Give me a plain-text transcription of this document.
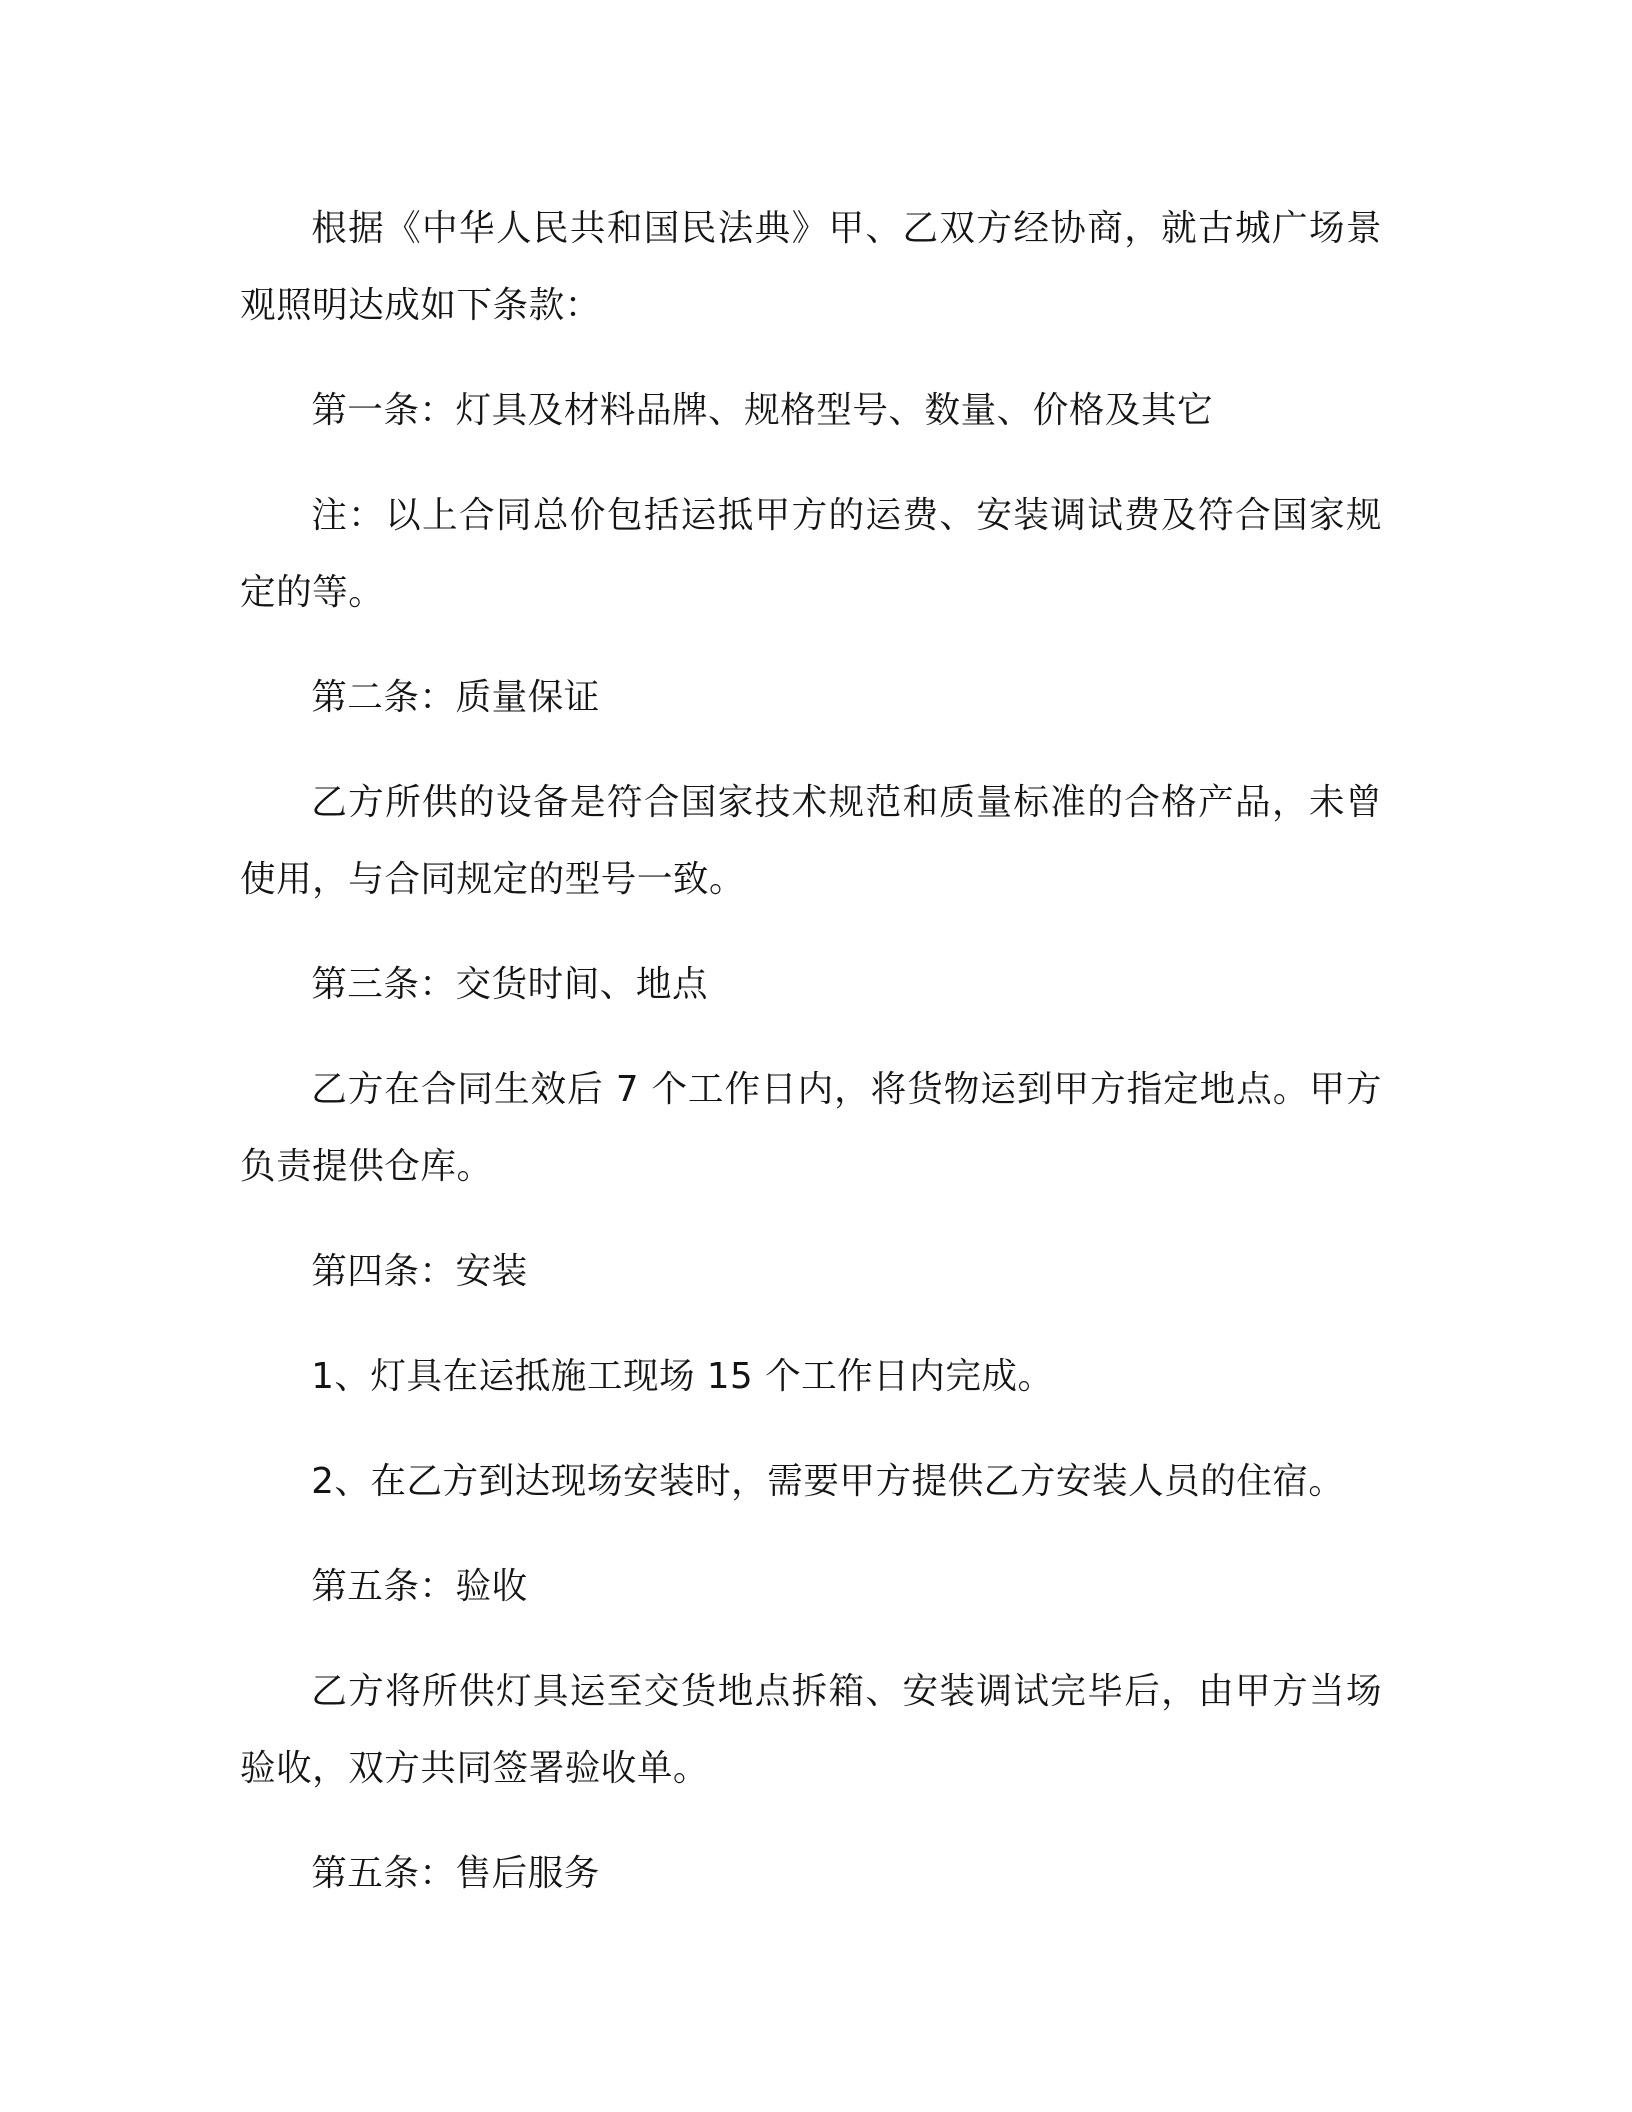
根据《中华人民共和国民法典》甲、乙双方经协商，就古城广场景观照明达成如下条款：

第一条：灯具及材料品牌、规格型号、数量、价格及其它

注：以上合同总价包括运抵甲方的运费、安装调试费及符合国家规定的等。

第二条：质量保证

乙方所供的设备是符合国家技术规范和质量标准的合格产品，未曾使用，与合同规定的型号一致。

第三条：交货时间、地点

乙方在合同生效后 7 个工作日内，将货物运到甲方指定地点。甲方负责提供仓库。

第四条：安装

1、灯具在运抵施工现场 15 个工作日内完成。

2、在乙方到达现场安装时，需要甲方提供乙方安装人员的住宿。

第五条：验收

乙方将所供灯具运至交货地点拆箱、安装调试完毕后，由甲方当场验收，双方共同签署验收单。

第五条：售后服务
